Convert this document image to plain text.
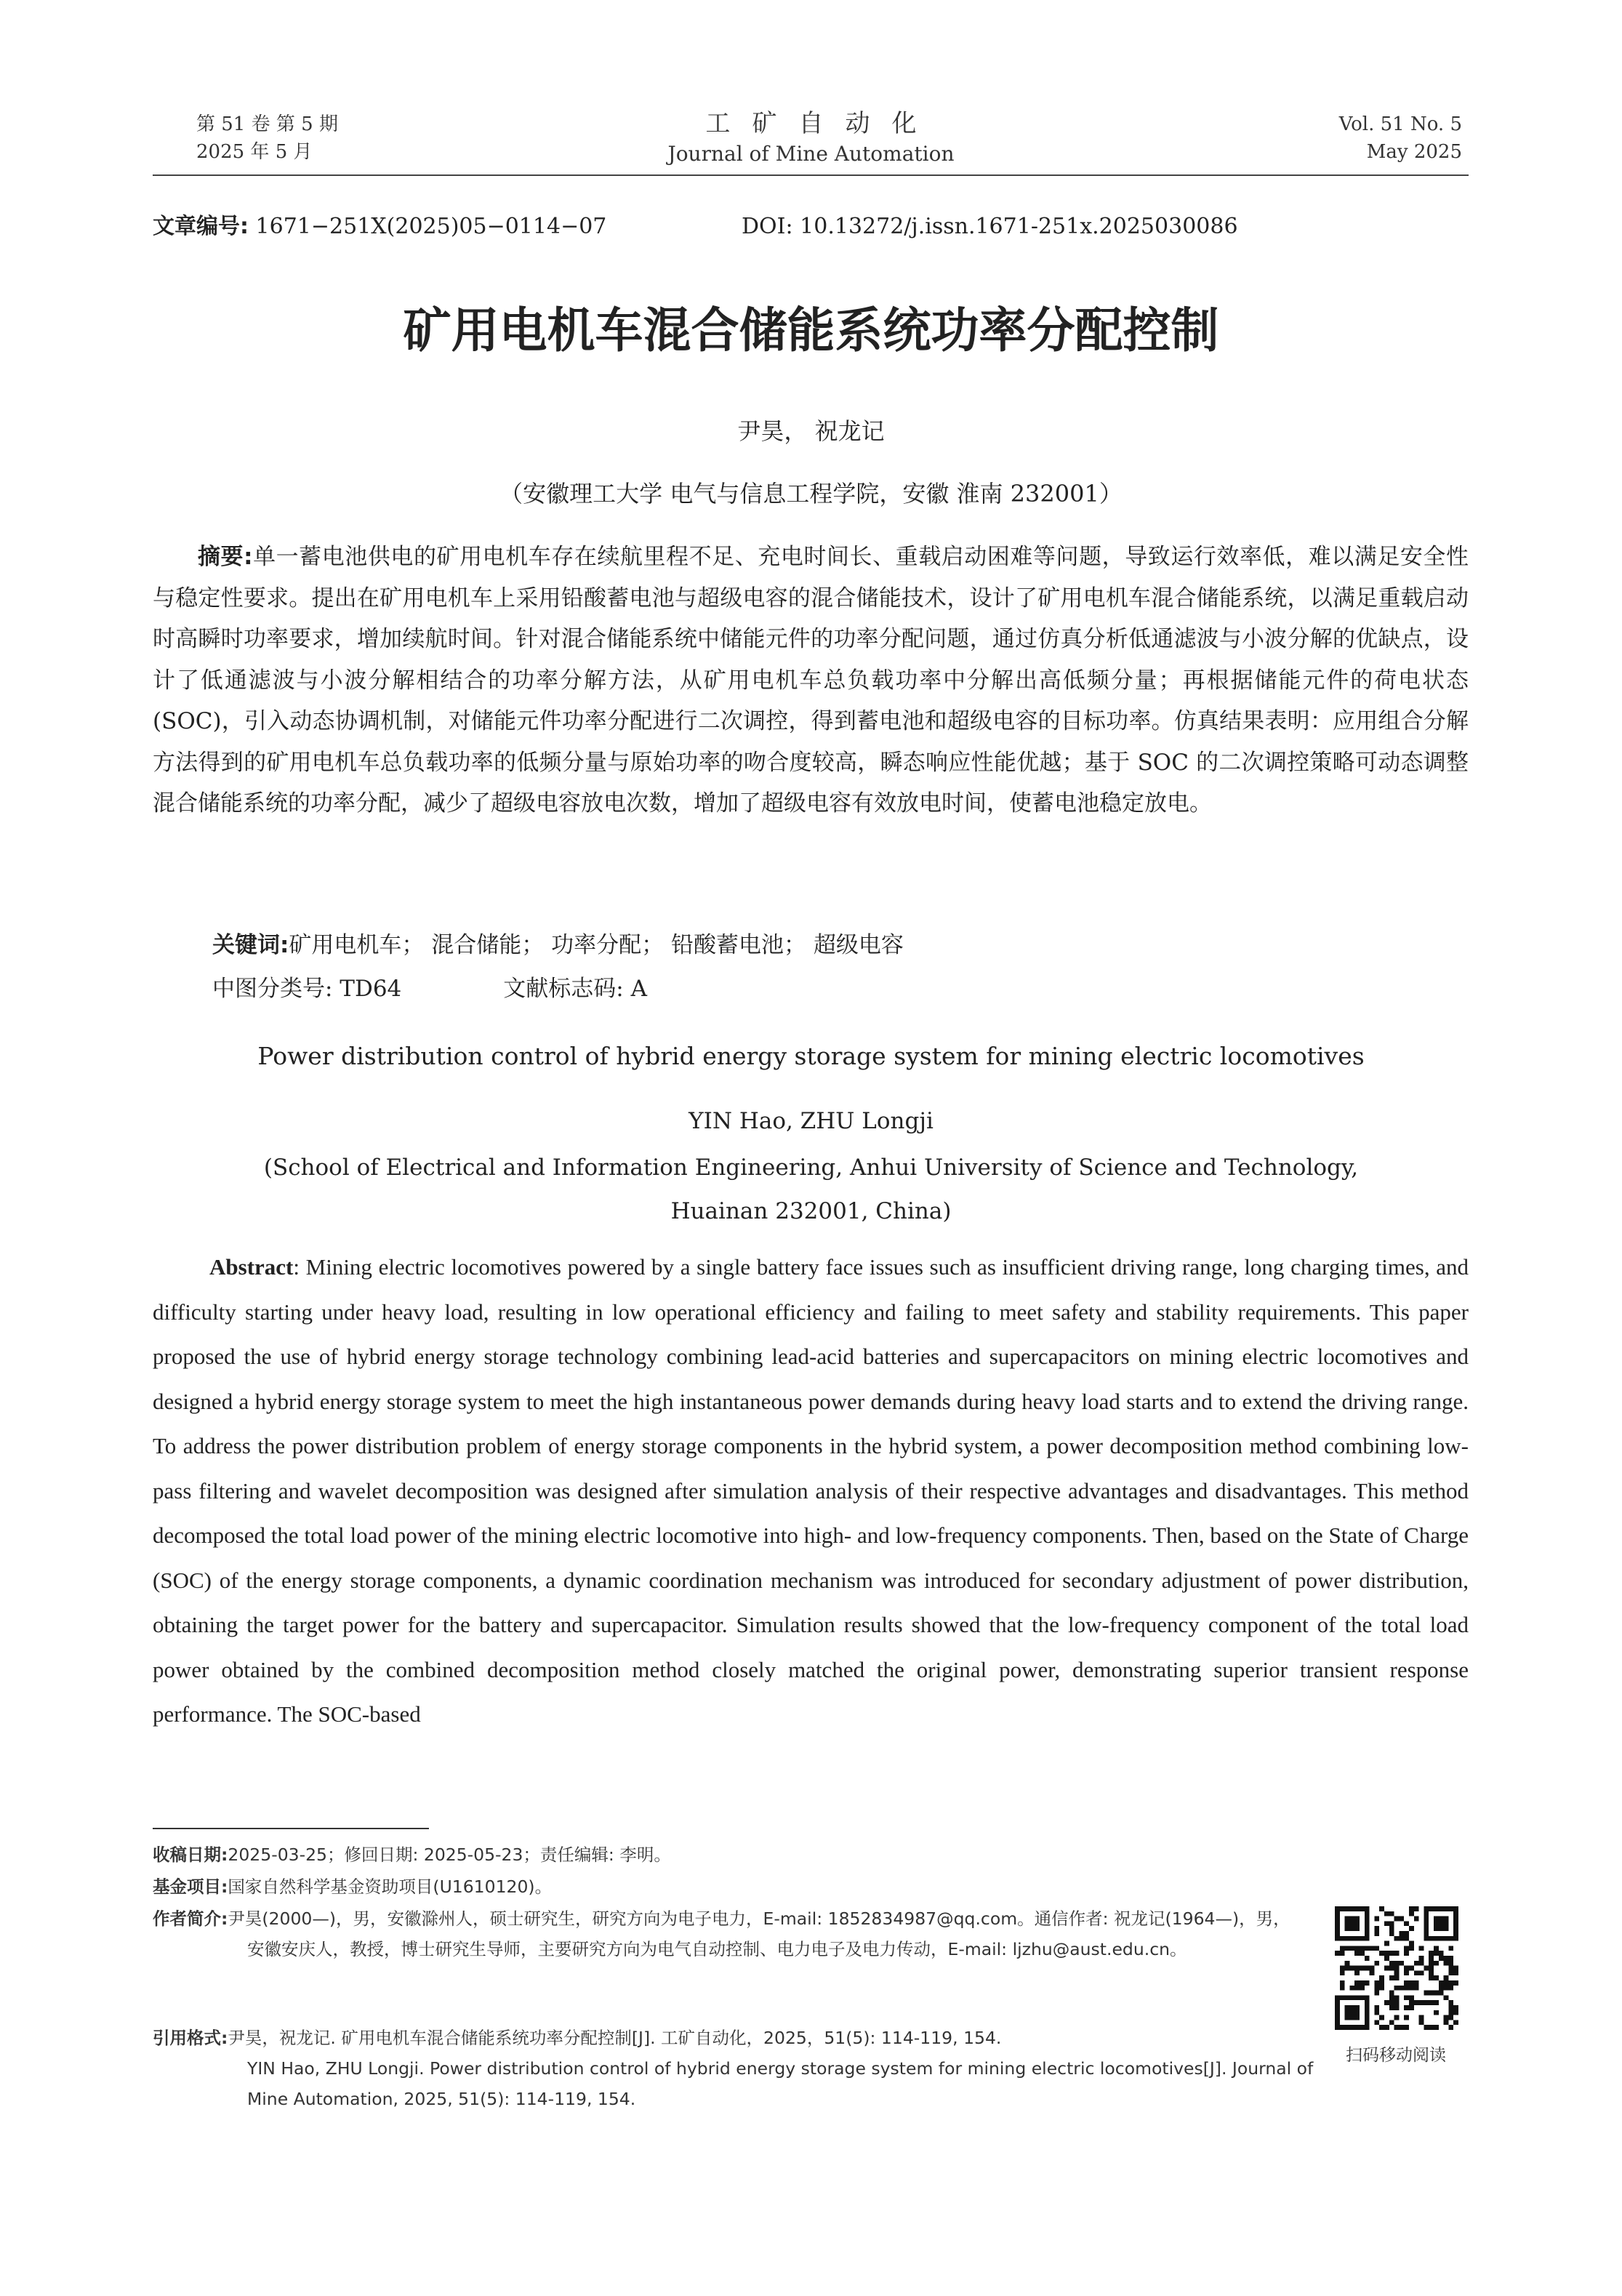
第 51 卷 第 5 期
2025 年 5 月
工矿自动化
Journal of Mine Automation
Vol. 51 No. 5
May 2025
文章编号: 1671−251X(2025)05−0114−07	DOI: 10.13272/j.issn.1671-251x.2025030086
矿用电机车混合储能系统功率分配控制
尹昊， 祝龙记
（安徽理工大学 电气与信息工程学院，安徽 淮南 232001）
摘要:单一蓄电池供电的矿用电机车存在续航里程不足、充电时间长、重载启动困难等问题，导致运行效率低，难以满足安全性与稳定性要求。提出在矿用电机车上采用铅酸蓄电池与超级电容的混合储能技术，设计了矿用电机车混合储能系统，以满足重载启动时高瞬时功率要求，增加续航时间。针对混合储能系统中储能元件的功率分配问题，通过仿真分析低通滤波与小波分解的优缺点，设计了低通滤波与小波分解相结合的功率分解方法，从矿用电机车总负载功率中分解出高低频分量；再根据储能元件的荷电状态(SOC)，引入动态协调机制，对储能元件功率分配进行二次调控，得到蓄电池和超级电容的目标功率。仿真结果表明：应用组合分解方法得到的矿用电机车总负载功率的低频分量与原始功率的吻合度较高，瞬态响应性能优越；基于 SOC 的二次调控策略可动态调整混合储能系统的功率分配，减少了超级电容放电次数，增加了超级电容有效放电时间，使蓄电池稳定放电。
关键词:矿用电机车； 混合储能； 功率分配； 铅酸蓄电池； 超级电容
中图分类号: TD64	文献标志码: A
Power distribution control of hybrid energy storage system for mining electric locomotives
YIN Hao, ZHU Longji
(School of Electrical and Information Engineering, Anhui University of Science and Technology,
Huainan 232001, China)
Abstract: Mining electric locomotives powered by a single battery face issues such as insufficient driving range, long charging times, and difficulty starting under heavy load, resulting in low operational efficiency and failing to meet safety and stability requirements. This paper proposed the use of hybrid energy storage technology combining lead-acid batteries and supercapacitors on mining electric locomotives and designed a hybrid energy storage system to meet the high instantaneous power demands during heavy load starts and to extend the driving range. To address the power distribution problem of energy storage components in the hybrid system, a power decomposition method combining low-pass filtering and wavelet decomposition was designed after simulation analysis of their respective advantages and disadvantages. This method decomposed the total load power of the mining electric locomotive into high- and low-frequency components. Then, based on the State of Charge (SOC) of the energy storage components, a dynamic coordination mechanism was introduced for secondary adjustment of power distribution, obtaining the target power for the battery and supercapacitor. Simulation results showed that the low-frequency component of the total load power obtained by the combined decomposition method closely matched the original power, demonstrating superior transient response performance. The SOC-based
收稿日期:2025-03-25；修回日期: 2025-05-23；责任编辑: 李明。
基金项目:国家自然科学基金资助项目(U1610120)。
作者简介:尹昊(2000—)，男，安徽滁州人，硕士研究生，研究方向为电子电力，E-mail: 1852834987@qq.com。通信作者: 祝龙记(1964—)，男，安徽安庆人，教授，博士研究生导师，主要研究方向为电气自动控制、电力电子及电力传动，E-mail: ljzhu@aust.edu.cn。
引用格式:尹昊，祝龙记. 矿用电机车混合储能系统功率分配控制[J]. 工矿自动化，2025，51(5): 114-119, 154.
YIN Hao, ZHU Longji. Power distribution control of hybrid energy storage system for mining electric locomotives[J]. Journal of Mine Automation, 2025, 51(5): 114-119, 154.
扫码移动阅读
